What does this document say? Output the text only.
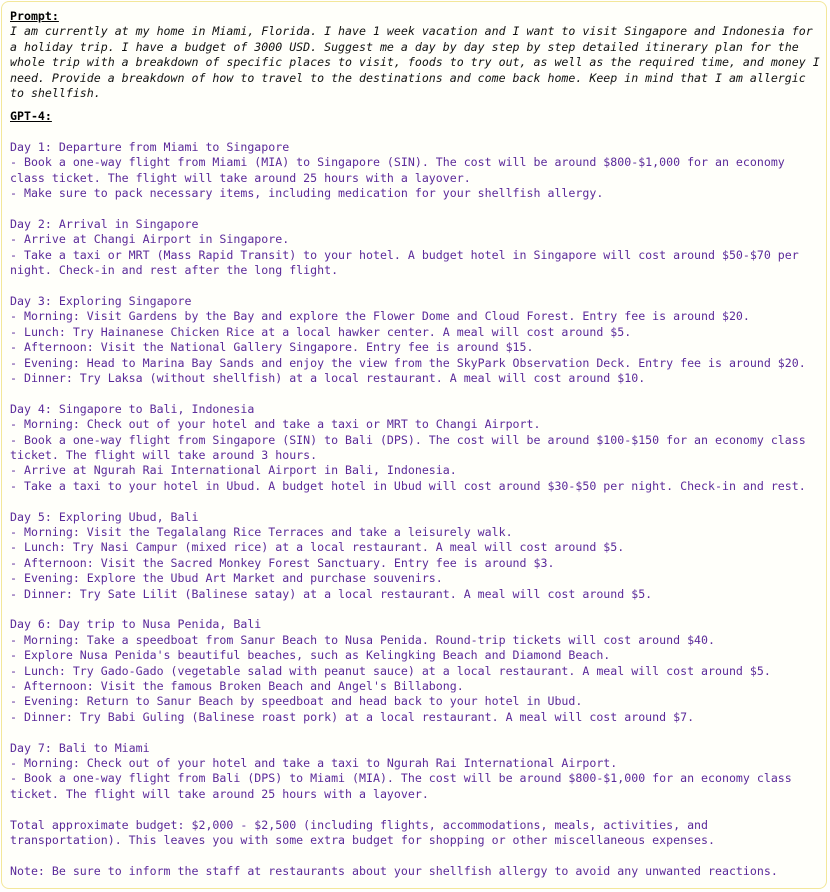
Prompt:

I am currently at my home in Miami, Florida. I have 1 week vacation and I want to visit Singapore and Indonesia for a holiday trip. I have a budget of 3000 USD. Suggest me a day by day step by step detailed itinerary plan for the whole trip with a breakdown of specific places to visit, foods to try out, as well as the required time, and money I need. Provide a breakdown of how to travel to the destinations and come back home. Keep in mind that I am allergic to shellfish.

GPT-4:

Day 1: Departure from Miami to Singapore

- Book a one-way flight from Miami (MIA) to Singapore (SIN). The cost will be around $800-$1,000 for an economy class ticket. The flight will take around 25 hours with a layover.

- Make sure to pack necessary items, including medication for your shellfish allergy.

Day 2: Arrival in Singapore

- Arrive at Changi Airport in Singapore.

- Take a taxi or MRT (Mass Rapid Transit) to your hotel. A budget hotel in Singapore will cost around $50-$70 per night. Check-in and rest after the long flight.

Day 3: Exploring Singapore

- Morning: Visit Gardens by the Bay and explore the Flower Dome and Cloud Forest. Entry fee is around $20.

- Lunch: Try Hainanese Chicken Rice at a local hawker center. A meal will cost around $5.

- Afternoon: Visit the National Gallery Singapore. Entry fee is around $15.

- Evening: Head to Marina Bay Sands and enjoy the view from the SkyPark Observation Deck. Entry fee is around $20.

- Dinner: Try Laksa (without shellfish) at a local restaurant. A meal will cost around $10.

Day 4: Singapore to Bali, Indonesia

- Morning: Check out of your hotel and take a taxi or MRT to Changi Airport.

- Book a one-way flight from Singapore (SIN) to Bali (DPS). The cost will be around $100-$150 for an economy class ticket. The flight will take around 3 hours.

- Arrive at Ngurah Rai International Airport in Bali, Indonesia.

- Take a taxi to your hotel in Ubud. A budget hotel in Ubud will cost around $30-$50 per night. Check-in and rest.

Day 5: Exploring Ubud, Bali

- Morning: Visit the Tegalalang Rice Terraces and take a leisurely walk.

- Lunch: Try Nasi Campur (mixed rice) at a local restaurant. A meal will cost around $5.

- Afternoon: Visit the Sacred Monkey Forest Sanctuary. Entry fee is around $3.

- Evening: Explore the Ubud Art Market and purchase souvenirs.

- Dinner: Try Sate Lilit (Balinese satay) at a local restaurant. A meal will cost around $5.

Day 6: Day trip to Nusa Penida, Bali

- Morning: Take a speedboat from Sanur Beach to Nusa Penida. Round-trip tickets will cost around $40.

- Explore Nusa Penida's beautiful beaches, such as Kelingking Beach and Diamond Beach.

- Lunch: Try Gado-Gado (vegetable salad with peanut sauce) at a local restaurant. A meal will cost around $5.

- Afternoon: Visit the famous Broken Beach and Angel's Billabong.

- Evening: Return to Sanur Beach by speedboat and head back to your hotel in Ubud.

- Dinner: Try Babi Guling (Balinese roast pork) at a local restaurant. A meal will cost around $7.

Day 7: Bali to Miami

- Morning: Check out of your hotel and take a taxi to Ngurah Rai International Airport.

- Book a one-way flight from Bali (DPS) to Miami (MIA). The cost will be around $800-$1,000 for an economy class ticket. The flight will take around 25 hours with a layover.

Total approximate budget: $2,000 - $2,500 (including flights, accommodations, meals, activities, and transportation). This leaves you with some extra budget for shopping or other miscellaneous expenses.

Note: Be sure to inform the staff at restaurants about your shellfish allergy to avoid any unwanted reactions.
